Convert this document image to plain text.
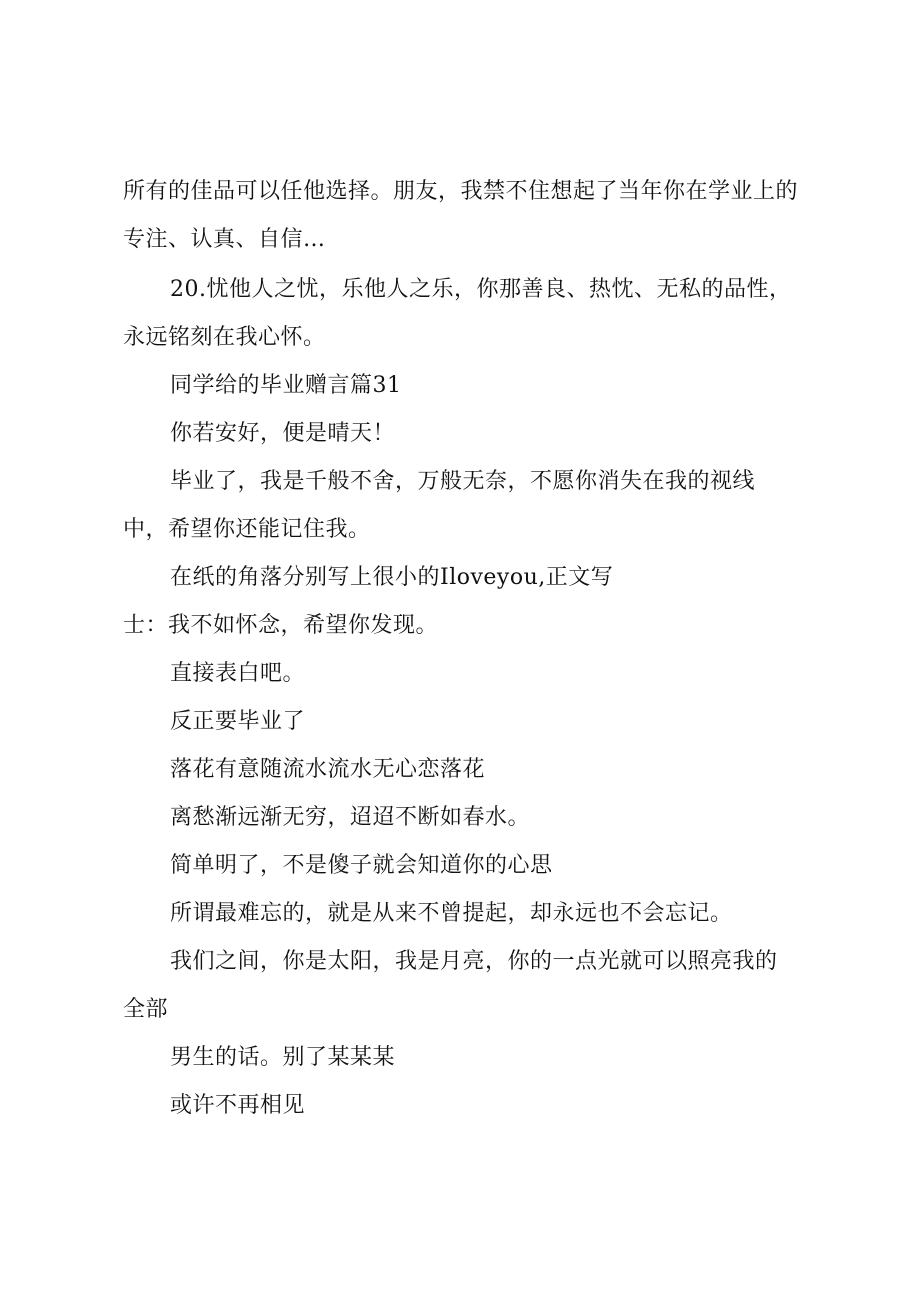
所有的佳品可以任他选择。朋友，我禁不住想起了当年你在学业上的
专注、认真、自信…
20.忧他人之忧，乐他人之乐，你那善良、热忱、无私的品性，
永远铭刻在我心怀。
同学给的毕业赠言篇31
你若安好，便是晴天！
毕业了，我是千般不舍，万般无奈，不愿你消失在我的视线
中，希望你还能记住我。
在纸的角落分别写上很小的Iloveyou,正文写
士：我不如怀念，希望你发现。
直接表白吧。
反正要毕业了
落花有意随流水流水无心恋落花
离愁渐远渐无穷，迢迢不断如春水。
简单明了，不是傻子就会知道你的心思
所谓最难忘的，就是从来不曾提起，却永远也不会忘记。
我们之间，你是太阳，我是月亮，你的一点光就可以照亮我的
全部
男生的话。别了某某某
或许不再相见
